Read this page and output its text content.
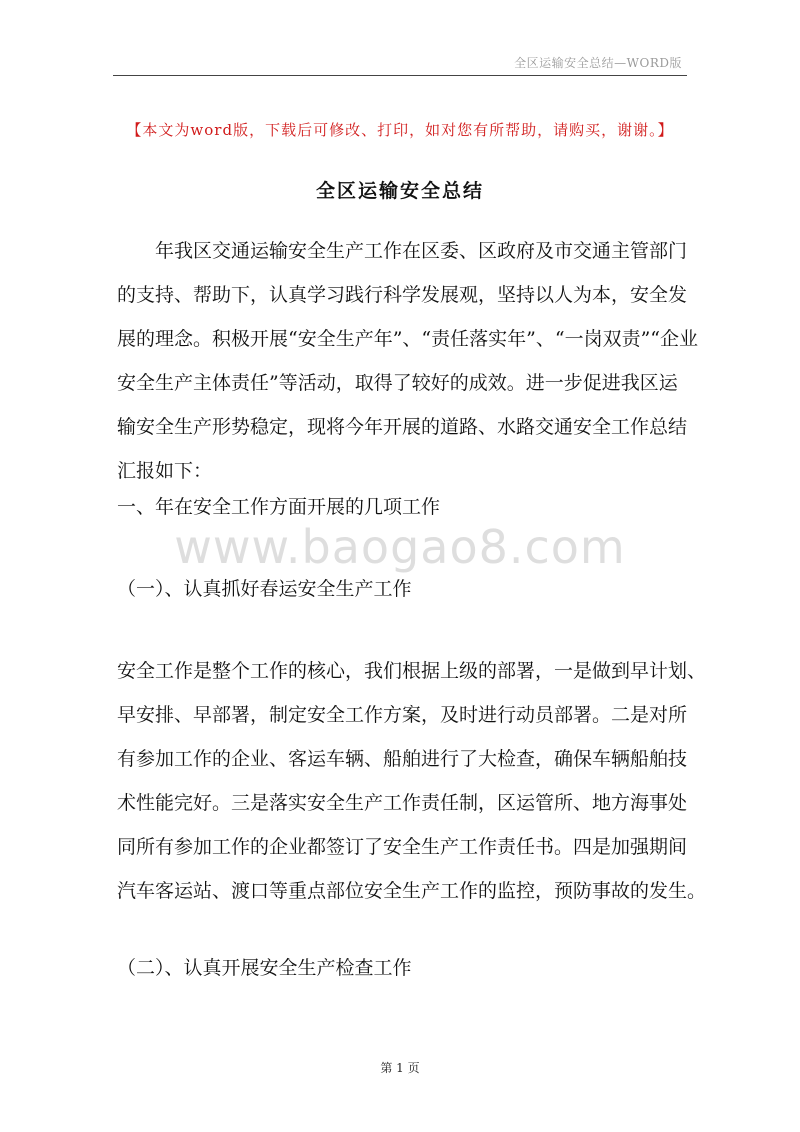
全区运输安全总结—WORD版
【本文为word版，下载后可修改、打印，如对您有所帮助，请购买，谢谢。】
全区运输安全总结
　　年我区交通运输安全生产工作在区委、区政府及市交通主管部门
的支持、帮助下，认真学习践行科学发展观，坚持以人为本，安全发
展的理念。积极开展“安全生产年”、“责任落实年”、“一岗双责”“企业
安全生产主体责任”等活动，取得了较好的成效。进一步促进我区运
输安全生产形势稳定，现将今年开展的道路、水路交通安全工作总结
汇报如下：
一、年在安全工作方面开展的几项工作
www.baogao8.com
（一）、认真抓好春运安全生产工作
安全工作是整个工作的核心，我们根据上级的部署，一是做到早计划、
早安排、早部署，制定安全工作方案，及时进行动员部署。二是对所
有参加工作的企业、客运车辆、船舶进行了大检查，确保车辆船舶技
术性能完好。三是落实安全生产工作责任制，区运管所、地方海事处
同所有参加工作的企业都签订了安全生产工作责任书。四是加强期间
汽车客运站、渡口等重点部位安全生产工作的监控，预防事故的发生。
（二）、认真开展安全生产检查工作
第 1 页
